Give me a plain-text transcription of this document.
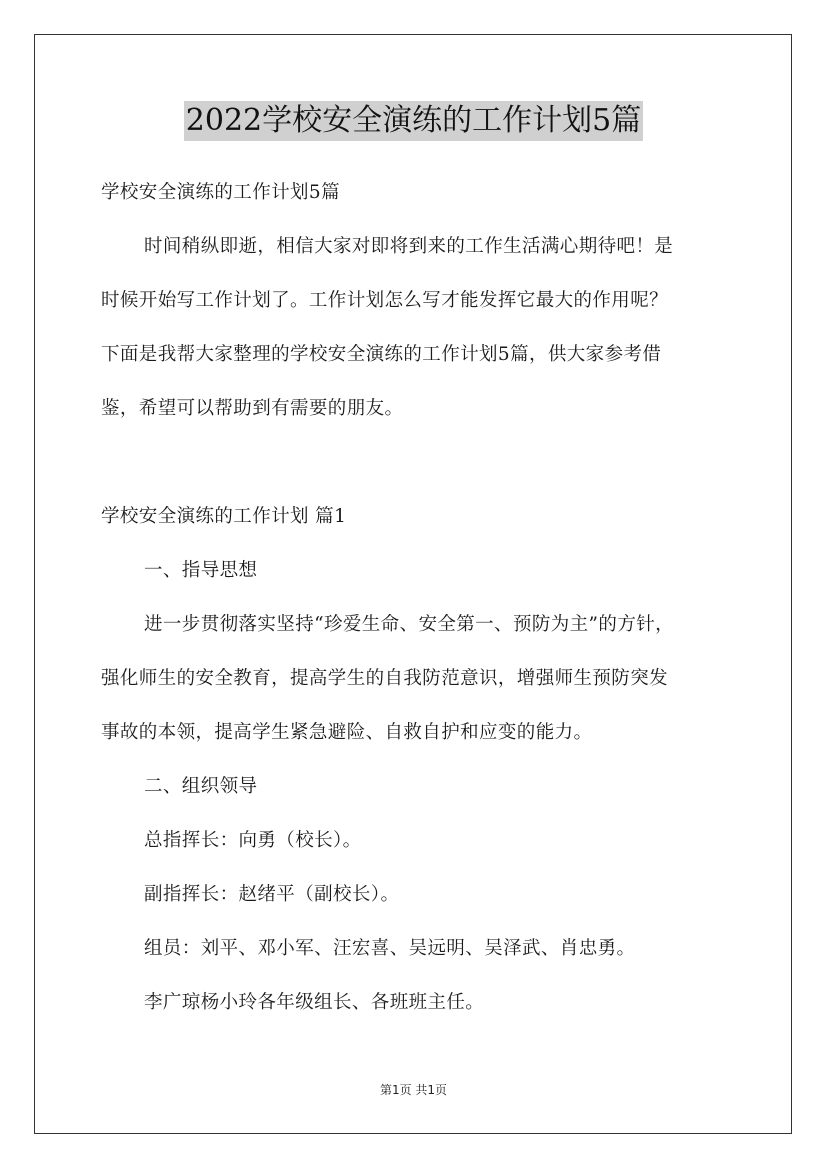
2022学校安全演练的工作计划5篇
学校安全演练的工作计划5篇
时间稍纵即逝，相信大家对即将到来的工作生活满心期待吧！是
时候开始写工作计划了。工作计划怎么写才能发挥它最大的作用呢？
下面是我帮大家整理的学校安全演练的工作计划5篇，供大家参考借
鉴，希望可以帮助到有需要的朋友。
学校安全演练的工作计划 篇1
一、指导思想
进一步贯彻落实坚持“珍爱生命、安全第一、预防为主”的方针，
强化师生的安全教育，提高学生的自我防范意识，增强师生预防突发
事故的本领，提高学生紧急避险、自救自护和应变的能力。
二、组织领导
总指挥长：向勇（校长）。
副指挥长：赵绪平（副校长）。
组员：刘平、邓小军、汪宏喜、吴远明、吴泽武、肖忠勇。
李广琼杨小玲各年级组长、各班班主任。
第1页 共1页
